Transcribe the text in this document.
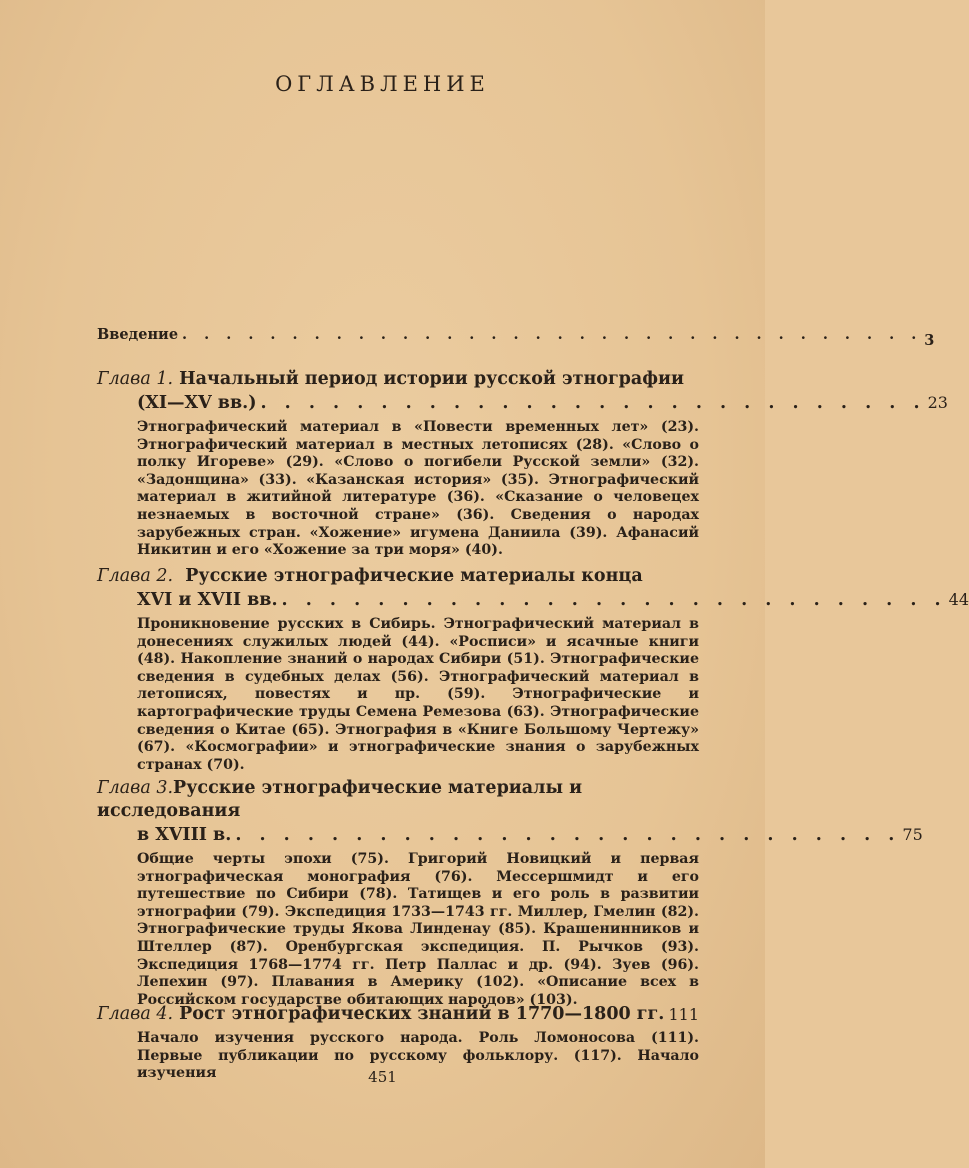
ОГЛАВЛЕНИЕ
Введение . . . . . . . . . . . . . . . . . . . . . . . . . . . . . . . . . . 3
Глава 1. Начальный период истории русской этнографии
(XI—XV вв.) . . . . . . . . . . . . . . . . . . . . . . . . . . . . 23
Этнографический материал в «Повести временных лет» (23). Этнографический материал в местных летописях (28). «Слово о полку Игореве» (29). «Слово о погибели Русской земли» (32). «Задонщина» (33). «Казанская история» (35). Этнографический материал в житийной литературе (36). «Сказание о человецех незнаемых в восточной стране» (36). Сведения о народах зарубежных стран. «Хожение» игумена Даниила (39). Афанасий Никитин и его «Хожение за три моря» (40).
Глава 2. Русские этнографические материалы конца
XVI и XVII вв. . . . . . . . . . . . . . . . . . . . . . . . . . . . . 44
Проникновение русских в Сибирь. Этнографический материал в донесениях служилых людей (44). «Росписи» и ясачные книги (48). Накопление знаний о народах Сибири (51). Этнографические сведения в судебных делах (56). Этнографический материал в летописях, повестях и пр. (59). Этнографические и картографические труды Семена Ремезова (63). Этнографические сведения о Китае (65). Этнография в «Книге Большому Чертежу» (67). «Космографии» и этнографические знания о зарубежных странах (70).
Глава 3.Русские этнографические материалы и исследования
в XVIII в. . . . . . . . . . . . . . . . . . . . . . . . . . . . . 75
Общие черты эпохи (75). Григорий Новицкий и первая этнографическая монография (76). Мессершмидт и его путешествие по Сибири (78). Татищев и его роль в развитии этнографии (79). Экспедиция 1733—1743 гг. Миллер, Гмелин (82). Этнографические труды Якова Линденау (85). Крашенинников и Штеллер (87). Оренбургская экспедиция. П. Рычков (93). Экспедиция 1768—1774 гг. Петр Паллас и др. (94). Зуев (96). Лепехин (97). Плавания в Америку (102). «Описание всех в Российском государстве обитающих народов» (103).
Глава 4. Рост этнографических знаний в 1770—1800 гг. 111
Начало изучения русского народа. Роль Ломоносова (111). Первые публикации по русскому фольклору. (117). Начало изучения	451
